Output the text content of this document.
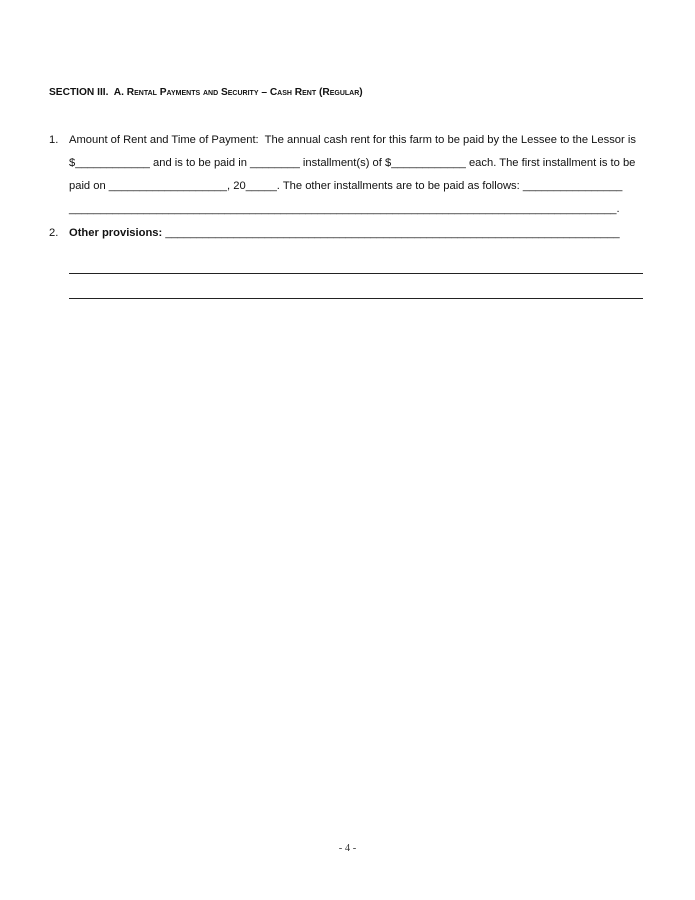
SECTION III. A. Rental Payments and Security – Cash Rent (Regular)
1. Amount of Rent and Time of Payment:  The annual cash rent for this farm to be paid by the Lessee to the Lessor is
$____________ and is to be paid in ________ installment(s) of $____________ each. The first installment is to be
paid on ___________________, 20_____. The other installments are to be paid as follows: ________________
________________________________________________________________________________________.
2. Other provisions: _________________________________________________________________________
- 4 -
